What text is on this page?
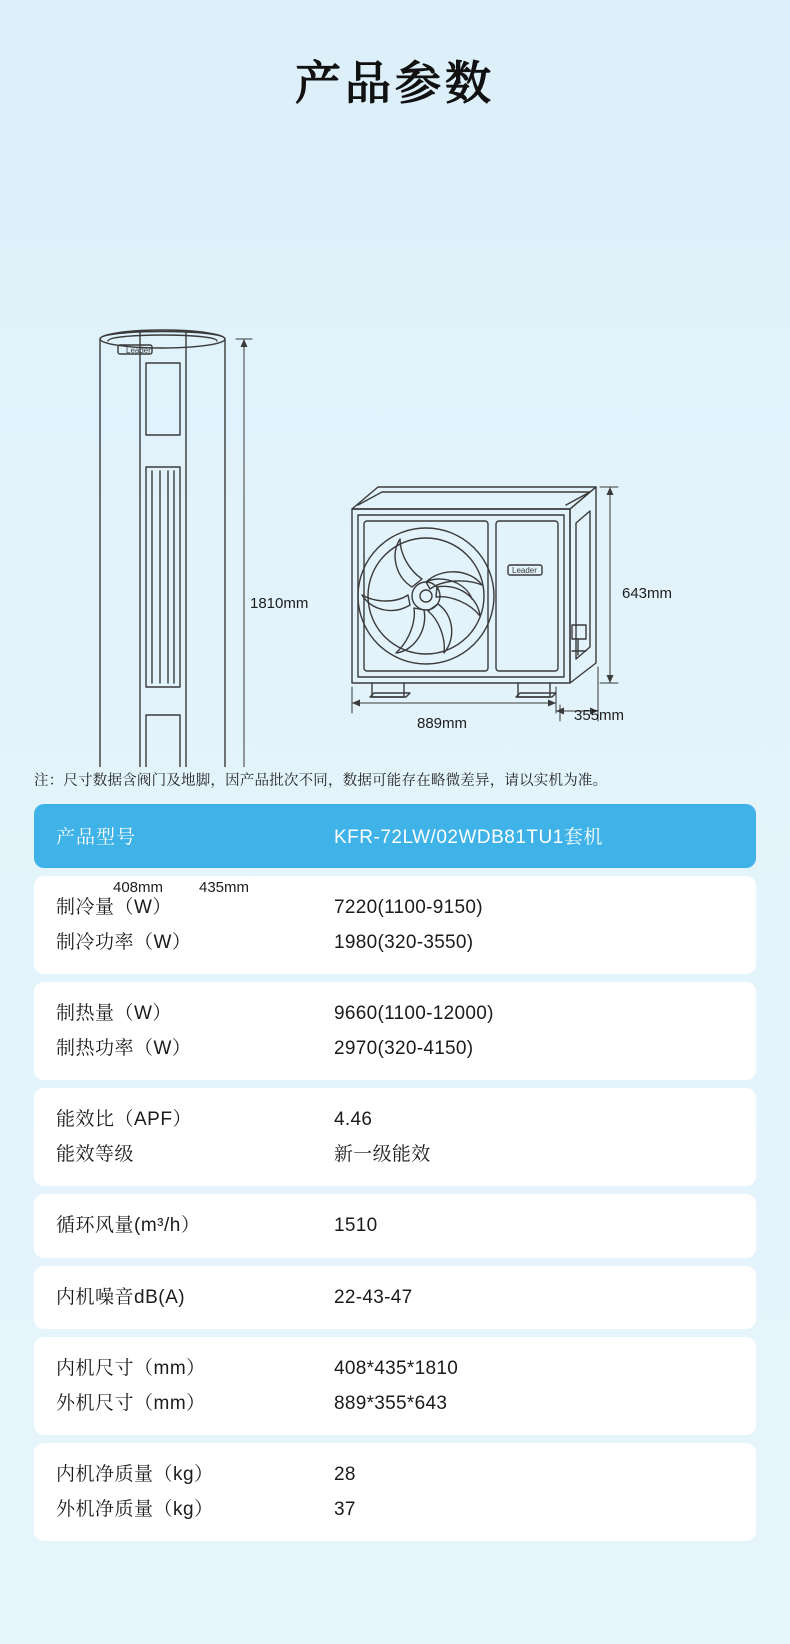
产品参数
Leader
Leader
1810mm
408mm 435mm
643mm
889mm	355mm
注：尺寸数据含阀门及地脚，因产品批次不同，数据可能存在略微差异，请以实机为准。
产品型号	KFR-72LW/02WDB81TU1套机
制冷量（W）	7220(1100-9150)
制冷功率（W）	1980(320-3550)
制热量（W）	9660(1100-12000)
制热功率（W）	2970(320-4150)
能效比（APF）	4.46
能效等级	新一级能效
循环风量(m³/h）	1510
内机噪音dB(A)	22-43-47
内机尺寸（mm）	408*435*1810
外机尺寸（mm）	889*355*643
内机净质量（kg）	28
外机净质量（kg）	37
